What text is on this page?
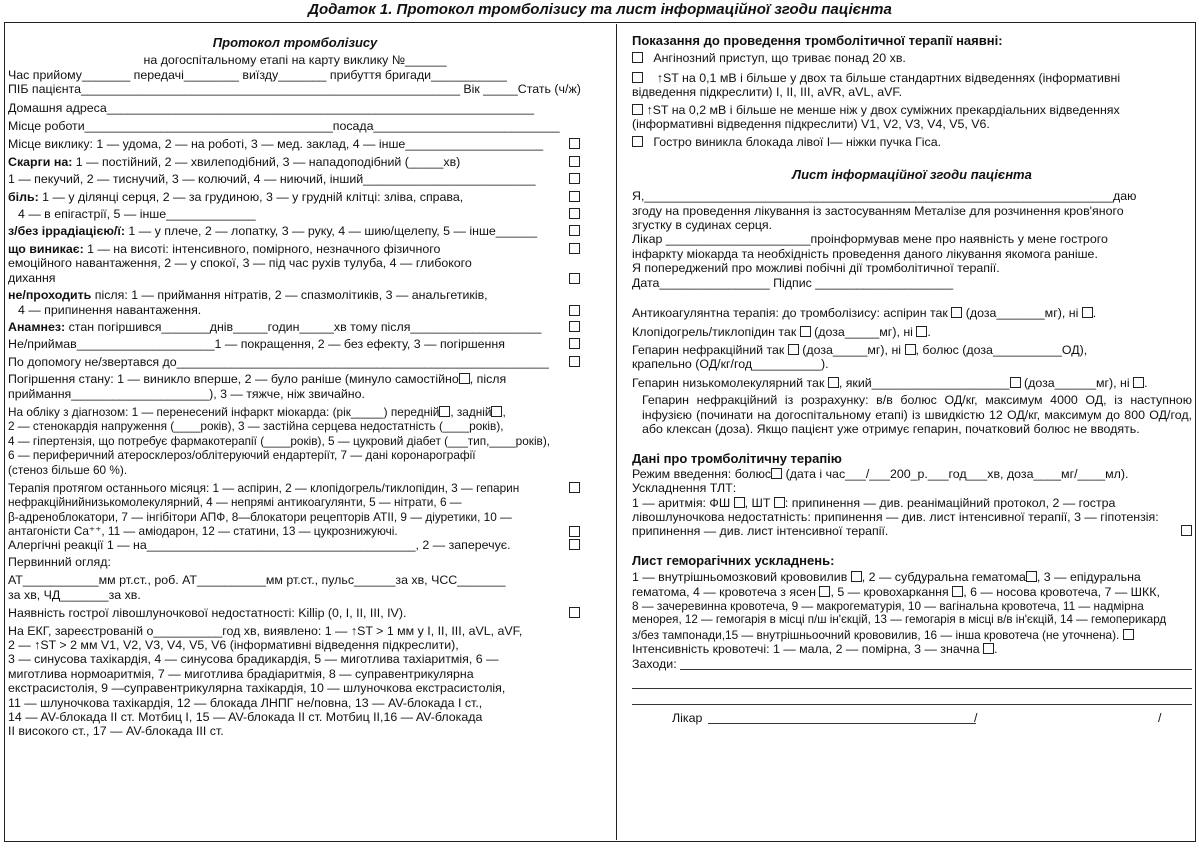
Додаток 1. Протокол тромболізису та лист інформаційної згоди пацієнта
Протокол тромболізису
на догоспітальному етапі на карту виклику №______
Час прийому_______ передачі________ виїзду_______ прибуття бригади___________
ПІБ пацієнта_______________________________________________________ Вік _____Стать (ч/ж)
Домашня адреса______________________________________________________________
Місце роботи____________________________________посада___________________________
Місце виклику: 1 — удома, 2 — на роботі, 3 — мед. заклад, 4 — інше____________________
Скарги на: 1 — постійний, 2 — хвилеподібний, 3 — нападоподібний (_____хв)
1 — пекучий, 2 — тиснучий, 3 — колючий, 4 — ниючий, інший_________________________
біль: 1 — у ділянці серця, 2 — за грудиною, 3 — у грудній клітці: зліва
, справа
,
4 — в епігастрії, 5 — інше_____________
з/без іррадіацією/ї: 1 — у плече, 2 — лопатку, 3 — руку, 4 — шию/щелепу, 5 — інше______
що виникає: 1 — на висоті: інтенсивного
, помірного
, незначного
фізичного
емоційного
навантаження, 2 — у спокої, 3 — під час рухів тулуба
, 4 — глибокого
дихання
не/проходить після: 1 — приймання нітратів, 2 — спазмолітиків, 3 — анальгетиків,
4 — припинення навантаження.
Анамнез: стан погіршився_______днів_____годин_____хв тому після___________________
Не/приймав____________________1 — покращення, 2 — без ефекту, 3 — погіршення
По допомогу не/звертався до______________________________________________________
Погіршення стану: 1 — виникло вперше, 2 — було раніше (минуло самостійно , після
приймання____________________), 3 — тяжче, ніж звичайно.
На обліку з діагнозом: 1 — перенесений інфаркт міокарда: (рік_____) передній , задній ,
2 — стенокардія напруження (____років), 3 — застійна серцева недостатність (____років),
4 — гіпертензія, що потребує фармакотерапії (____років), 5 — цукровий діабет (___тип,____років),
6 — периферичний атеросклероз/облітеруючий ендартеріїт, 7 — дані коронарографії
(стеноз більше 60 %).
Терапія протягом останнього місяця: 1 — аспірин, 2 — клопідогрель/тиклопідин, 3 — гепарин
нефракційний
низькомолекулярний
, 4 — непрямі антикоагулянти, 5 — нітрати, 6 —
β-адреноблокатори, 7 — інгібітори АПФ, 8—блокатори рецепторів АТІІ, 9 — діуретики, 10 —
антагоністи Ca⁺⁺, 11 — аміодарон, 12 — статини, 13 — цукрознижуючі.
Алергічні реакції 1 — на_______________________________________, 2 — заперечує.
Первинний огляд:
АТ___________мм рт.ст., роб. АТ__________мм рт.ст., пульс______за хв, ЧСС_______
за хв, ЧД_______за хв.
Наявність гострої лівошлуночкової недостатності: Killip (0, I, II, III, IV).
На ЕКГ, зареєстрованій о__________год хв, виявлено: 1 — ↑ST > 1 мм у I, II, III, aVL, aVF,
2 — ↑ST > 2 мм V1, V2, V3, V4, V5, V6 (інформативні відведення підкреслити),
3 — синусова тахікардія, 4 — синусова брадикардія, 5 — миготлива тахіаритмія, 6 —
миготлива нормоаритмія, 7 — миготлива брадіаритмія, 8 — суправентрикулярна
екстрасистолія, 9 —суправентрикулярна тахікардія, 10 — шлуночкова екстрасистолія,
11 — шлуночкова тахікардія, 12 — блокада ЛНПГ не/повна, 13 — AV-блокада I ст.,
14 — AV-блокада II ст. Мотбиц I, 15 — AV-блокада II ст. Мотбиц II,16 — AV-блокада
II високого ст., 17 — AV-блокада III ст.
Показання до проведення тромболітичної терапії наявні:
Ангінозний приступ, що триває понад 20 хв.
↑ST на 0,1 мВ і більше у двох та більше стандартних відведеннях (інформативні
відведення підкреслити) I, II, III, aVR, aVL, aVF.
↑ST на 0,2 мВ і більше не менше ніж у двох суміжних прекардіальних відведеннях
(інформативні відведення підкреслити) V1, V2, V3, V4, V5, V6.
Гостро виникла блокада лівої І— ніжки пучка Гіса.
Лист інформаційної згоди пацієнта
Я,____________________________________________________________________даю
згоду на проведення лікування із застосуванням Металізе для розчинення кров'яного
згустку в судинах серця.
Лікар _____________________проінформував мене про наявність у мене гострого
інфаркту міокарда та необхідність проведення даного лікування якомога раніше.
Я попереджений про можливі побічні дії тромболітичної терапії.
Дата________________ Підпис ____________________
Антикоагулянтна терапія: до тромболізису: аспірин так  (доза_______мг), ні .
Клопідогрель/тиклопідин так  (доза_____мг), ні .
Гепарин нефракційний так  (доза_____мг), ні , болюс (доза__________ОД),
крапельно (ОД/кг/год__________).
Гепарин низькомолекулярний так , який____________________ (доза______мг), ні .
Гепарин нефракційний із розрахунку: в/в болюс ОД/кг, максимум 4000 ОД, із наступною інфузією (починати на догоспітальному етапі) із швидкістю 12 ОД/кг, максимум до 800 ОД/год, або клексан (доза). Якщо пацієнт уже отримує гепарин, початковий болюс не вводять.
Дані про тромболітичну терапію
Режим введення: болюс (дата і час___/___200_р.___год___хв, доза____мг/____мл).
Ускладнення ТЛТ:
1 — аритмія: ФШ , ШТ : припинення — див. реанімаційний протокол, 2 — гостра
лівошлуночкова недостатність: припинення — див. лист інтенсивної терапії, 3 — гіпотензія:
припинення — див. лист інтенсивної терапії.
Лист геморагічних ускладнень:
1 — внутрішньомозковий крововилив , 2 — субдуральна гематома , 3 — епідуральна
гематома, 4 — кровотеча з ясен , 5 — кровохаркання , 6 — носова кровотеча, 7 — ШКК,
8 — зачеревинна кровотеча, 9 — макрогематурія, 10 — вагінальна кровотеча, 11 — надмірна
менорея, 12 — гемогарія в місці п/ш ін'єкцій, 13 — гемогарія в місці в/в ін'єкцій, 14 — гемоперикард
з/без тампонади,15 — внутрішньоочний крововилив, 16 — інша кровотеча (не уточнена).
Інтенсивність кровотечі: 1 — мала, 2 — помірна, 3 — значна .
Заходи:
Лікар	/	/
